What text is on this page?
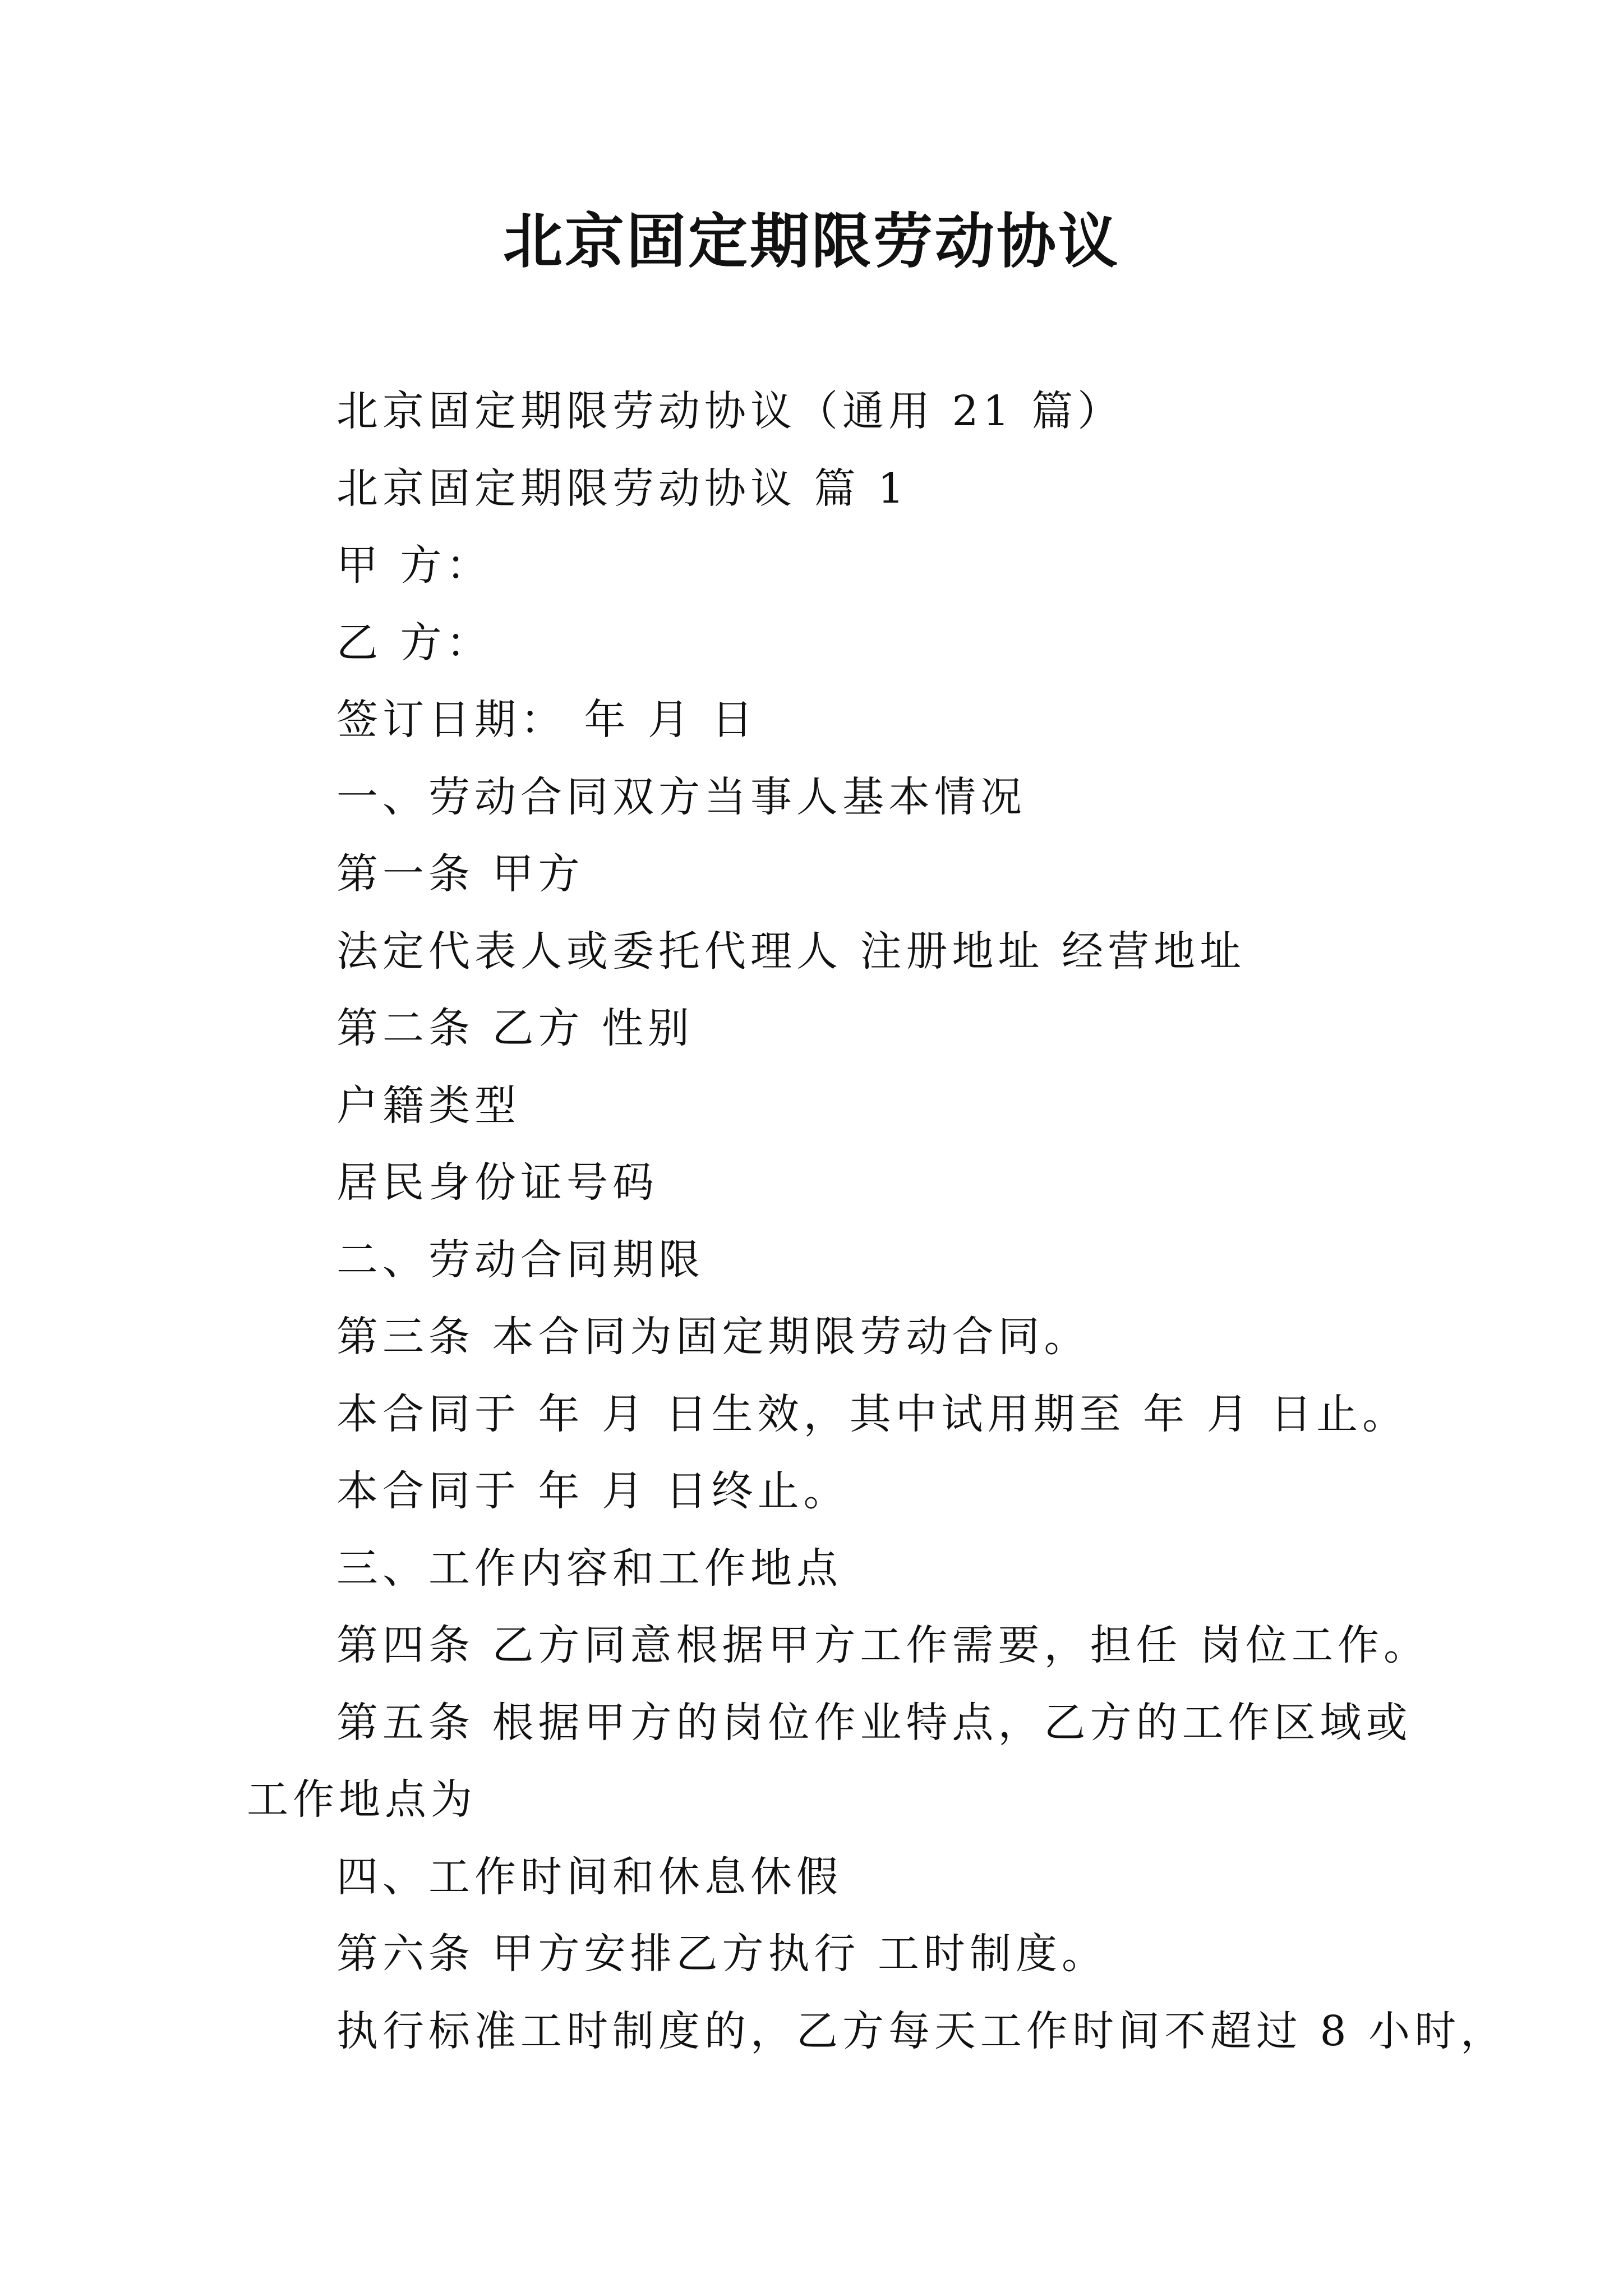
北京固定期限劳动协议

北京固定期限劳动协议（通用 21 篇）

北京固定期限劳动协议 篇 1

甲 方：

乙 方：

签订日期： 年 月 日

一、劳动合同双方当事人基本情况

第一条 甲方

法定代表人或委托代理人 注册地址 经营地址

第二条 乙方 性别

户籍类型

居民身份证号码

二、劳动合同期限

第三条 本合同为固定期限劳动合同。

本合同于 年 月 日生效，其中试用期至 年 月 日止。

本合同于 年 月 日终止。

三、工作内容和工作地点

第四条 乙方同意根据甲方工作需要，担任 岗位工作。

第五条 根据甲方的岗位作业特点，乙方的工作区域或工作地点为

四、工作时间和休息休假

第六条 甲方安排乙方执行 工时制度。

执行标准工时制度的，乙方每天工作时间不超过 8 小时，
